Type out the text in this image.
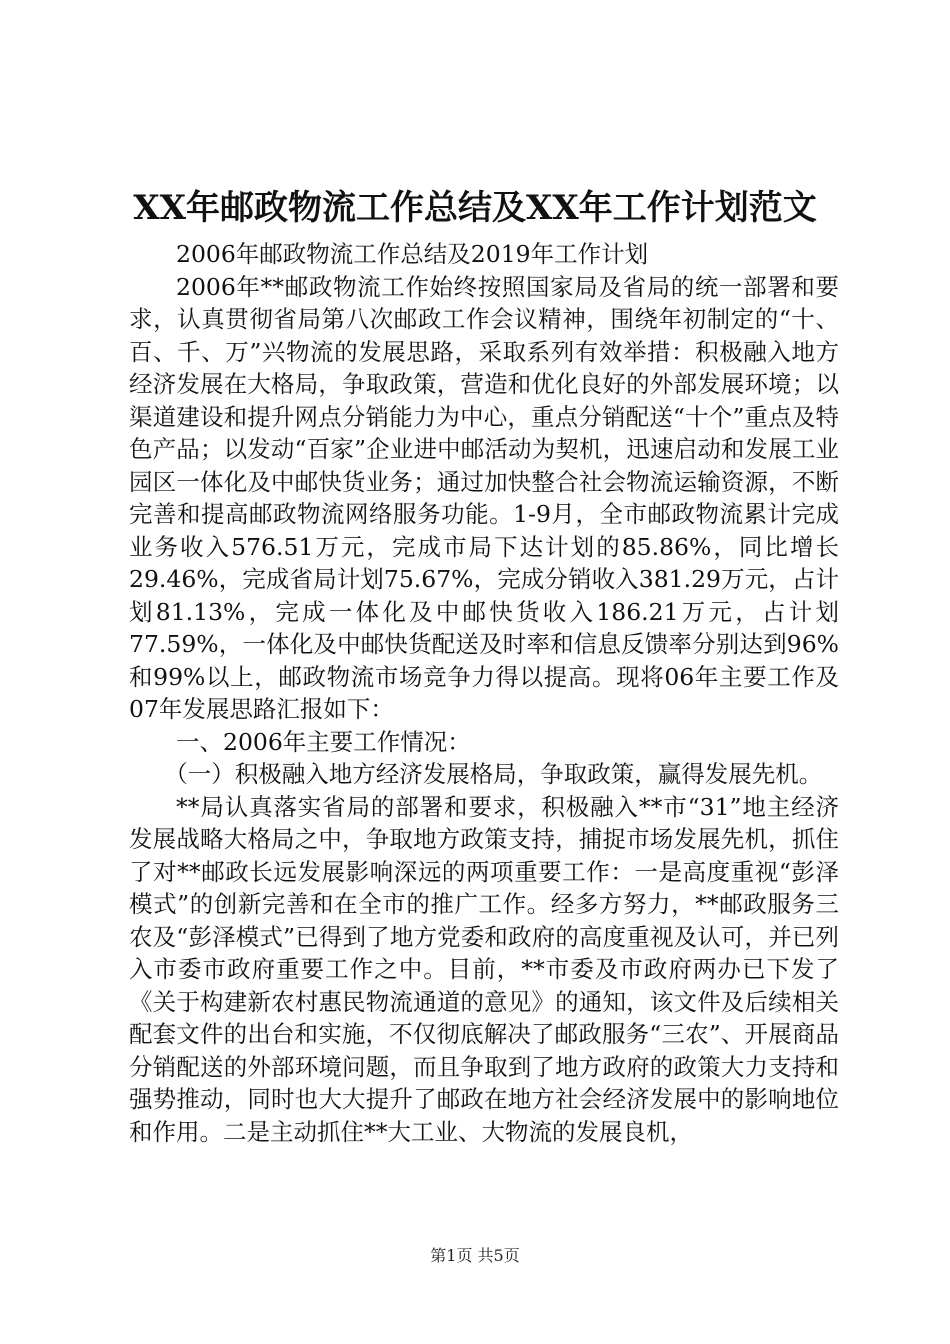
XX年邮政物流工作总结及XX年工作计划范文

2006年邮政物流工作总结及2019年工作计划

2006年**邮政物流工作始终按照国家局及省局的统一部署和要求，认真贯彻省局第八次邮政工作会议精神，围绕年初制定的“十、百、千、万”兴物流的发展思路，采取系列有效举措：积极融入地方经济发展在大格局，争取政策，营造和优化良好的外部发展环境；以渠道建设和提升网点分销能力为中心，重点分销配送“十个”重点及特色产品；以发动“百家”企业进中邮活动为契机，迅速启动和发展工业园区一体化及中邮快货业务；通过加快整合社会物流运输资源，不断完善和提高邮政物流网络服务功能。1-9月，全市邮政物流累计完成业务收入576.51万元，完成市局下达计划的85.86%，同比增长29.46%，完成省局计划75.67%，完成分销收入381.29万元，占计划81.13%，完成一体化及中邮快货收入186.21万元，占计划77.59%，一体化及中邮快货配送及时率和信息反馈率分别达到96%和99%以上，邮政物流市场竞争力得以提高。现将06年主要工作及07年发展思路汇报如下：

一、2006年主要工作情况：

（一）积极融入地方经济发展格局，争取政策，赢得发展先机。

**局认真落实省局的部署和要求，积极融入**市“31”地主经济发展战略大格局之中，争取地方政策支持，捕捉市场发展先机，抓住了对**邮政长远发展影响深远的两项重要工作：一是高度重视“彭泽模式”的创新完善和在全市的推广工作。经多方努力，**邮政服务三农及“彭泽模式”已得到了地方党委和政府的高度重视及认可，并已列入市委市政府重要工作之中。目前，**市委及市政府两办已下发了《关于构建新农村惠民物流通道的意见》的通知，该文件及后续相关配套文件的出台和实施，不仅彻底解决了邮政服务“三农”、开展商品分销配送的外部环境问题，而且争取到了地方政府的政策大力支持和强势推动，同时也大大提升了邮政在地方社会经济发展中的影响地位和作用。二是主动抓住**大工业、大物流的发展良机，

第1页 共5页
